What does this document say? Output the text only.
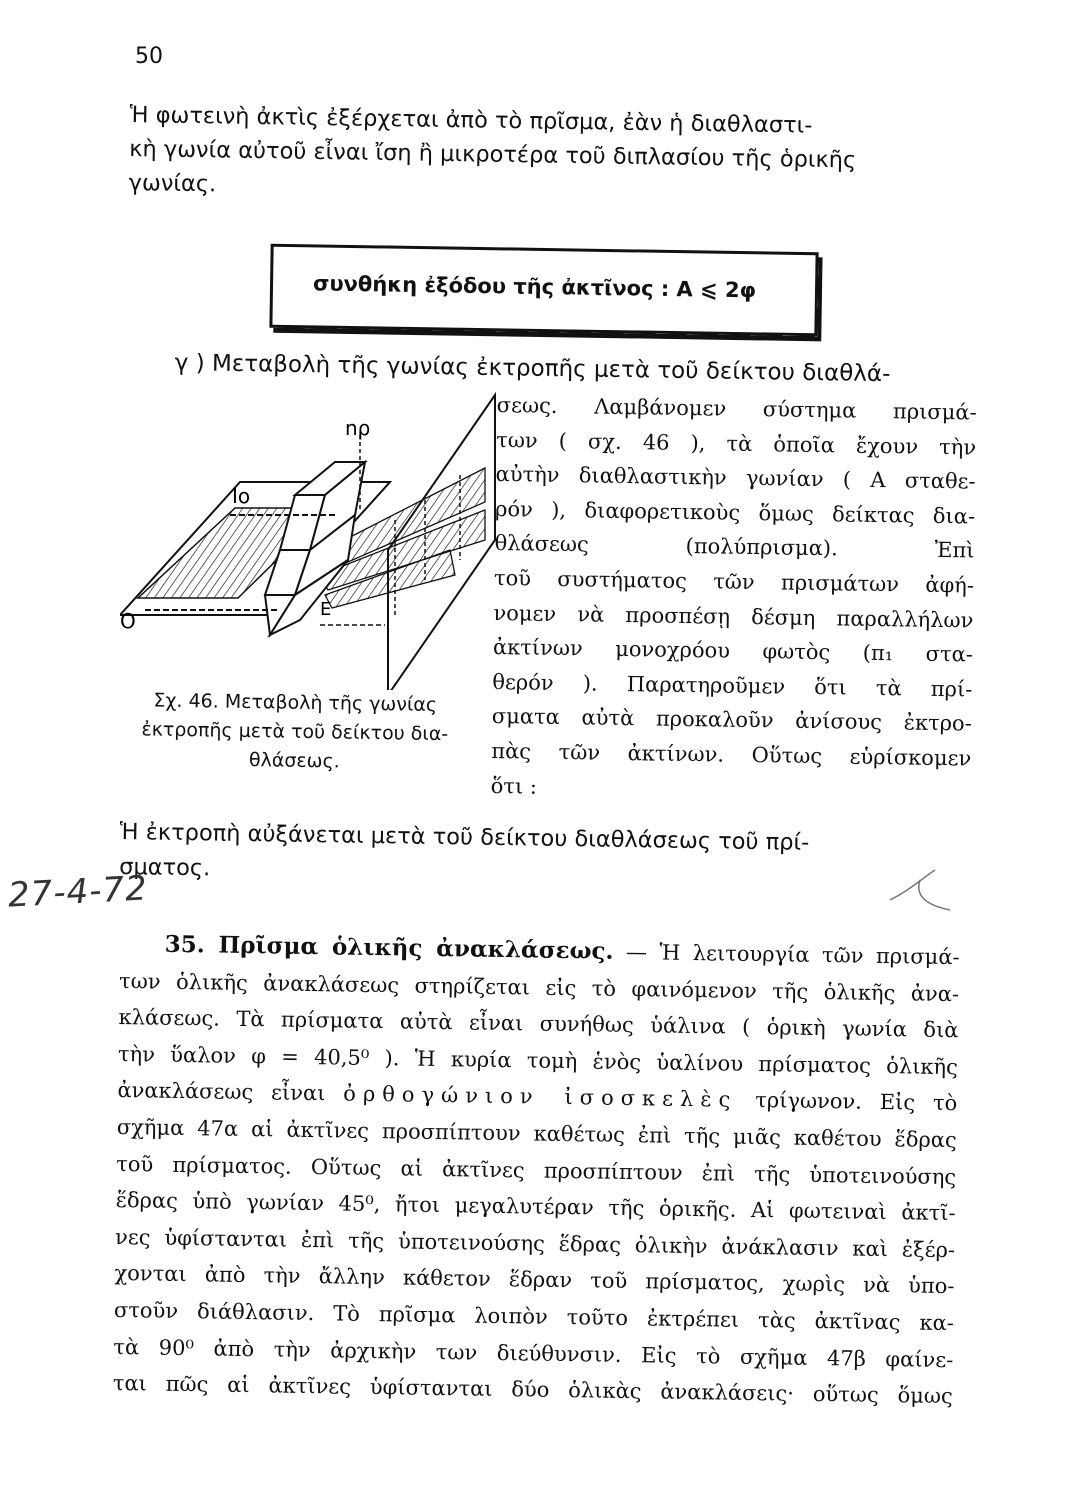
50
Ἡ φωτεινὴ ἀκτὶς ἐξέρχεται ἀπὸ τὸ πρῖσμα, ἐὰν ἡ διαθλαστι-
κὴ γωνία αὐτοῦ εἶναι ἴση ἢ μικροτέρα τοῦ διπλασίου τῆς ὁρικῆς
γωνίας.
συνθήκη ἐξόδου τῆς ἀκτῖνος : Α ⩽ 2φ
γ ) Μεταβολὴ τῆς γωνίας ἐκτροπῆς μετὰ τοῦ δείκτου διαθλά-
σεως. Λαμβάνομεν σύστημα πρισμά-
των ( σχ. 46 ), τὰ ὁποῖα ἔχουν τὴν
αὐτὴν διαθλαστικὴν γωνίαν ( Α σταθε-
ρόν ), διαφορετικοὺς ὅμως δείκτας δια-
θλάσεως (πολύπρισμα). Ἐπὶ
τοῦ συστήματος τῶν πρισμάτων ἀφή-
νομεν νὰ προσπέσῃ δέσμη παραλλήλων
ἀκτίνων μονοχρόου φωτὸς (π₁ στα-
θερόν ). Παρατηροῦμεν ὅτι τὰ πρί-
σματα αὐτὰ προκαλοῦν ἀνίσους ἐκτρο-
πὰς τῶν ἀκτίνων. Οὕτως εὑρίσκομεν
ὅτι :
nρ
Ιο
Ο	Ε
Σχ. 46. Μεταβολὴ τῆς γωνίας ἐκτροπῆς μετὰ τοῦ δείκτου δια-θλάσεως.
Ἡ ἐκτροπὴ αὐξάνεται μετὰ τοῦ δείκτου διαθλάσεως τοῦ πρί-
σματος.
27-4-72
35. Πρῖσμα ὁλικῆς ἀνακλάσεως. — Ἡ λειτουργία τῶν πρισμά-
των ὁλικῆς ἀνακλάσεως στηρίζεται εἰς τὸ φαινόμενον τῆς ὁλικῆς ἀνα-
κλάσεως. Τὰ πρίσματα αὐτὰ εἶναι συνήθως ὑάλινα ( ὁρικὴ γωνία διὰ
τὴν ὕαλον φ = 40,5⁰ ). Ἡ κυρία τομὴ ἑνὸς ὑαλίνου πρίσματος ὁλικῆς
ἀνακλάσεως εἶναι ὀρθογώνιον ἰσοσκελὲς τρίγωνον. Εἰς τὸ
σχῆμα 47α αἱ ἀκτῖνες προσπίπτουν καθέτως ἐπὶ τῆς μιᾶς καθέτου ἕδρας
τοῦ πρίσματος. Οὕτως αἱ ἀκτῖνες προσπίπτουν ἐπὶ τῆς ὑποτεινούσης
ἕδρας ὑπὸ γωνίαν 45⁰, ἤτοι μεγαλυτέραν τῆς ὁρικῆς. Αἱ φωτειναὶ ἀκτῖ-
νες ὑφίστανται ἐπὶ τῆς ὑποτεινούσης ἕδρας ὁλικὴν ἀνάκλασιν καὶ ἐξέρ-
χονται ἀπὸ τὴν ἄλλην κάθετον ἕδραν τοῦ πρίσματος, χωρὶς νὰ ὑπο-
στοῦν διάθλασιν. Τὸ πρῖσμα λοιπὸν τοῦτο ἐκτρέπει τὰς ἀκτῖνας κα-
τὰ 90⁰ ἀπὸ τὴν ἀρχικὴν των διεύθυνσιν. Εἰς τὸ σχῆμα 47β φαίνε-
ται πῶς αἱ ἀκτῖνες ὑφίστανται δύο ὁλικὰς ἀνακλάσεις· οὕτως ὅμως
